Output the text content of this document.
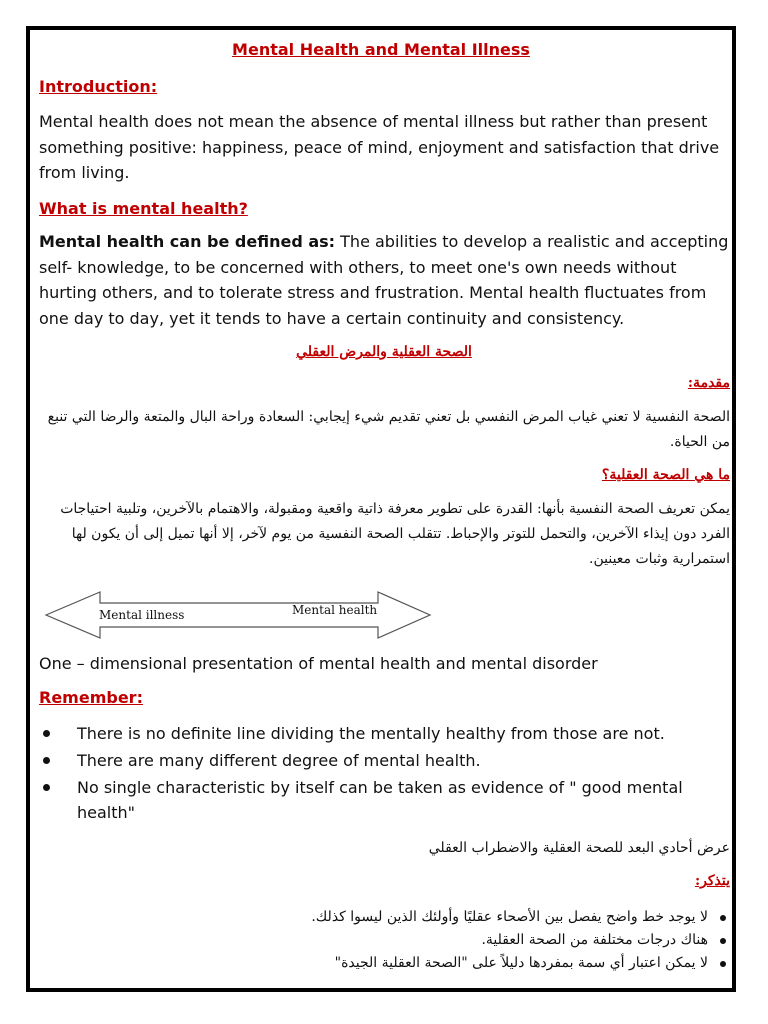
Mental Health and Mental Illness
Introduction:

Mental health does not mean the absence of mental illness but rather than present something positive: happiness, peace of mind, enjoyment and satisfaction that drive from living.

What is mental health?

Mental health can be defined as: The abilities to develop a realistic and accepting self- knowledge, to be concerned with others, to meet one's own needs without hurting others, and to tolerate stress and frustration. Mental health fluctuates from one day to day, yet it tends to have a certain continuity and consistency.

الصحة العقلية والمرض العقلي
مقدمة:

الصحة النفسية لا تعني غياب المرض النفسي بل تعني تقديم شيء إيجابي: السعادة وراحة البال والمتعة والرضا التي تنبع من الحياة.

ما هي الصحة العقلية؟

يمكن تعريف الصحة النفسية بأنها: القدرة على تطوير معرفة ذاتية واقعية ومقبولة، والاهتمام بالآخرين، وتلبية احتياجات الفرد دون إيذاء الآخرين، والتحمل للتوتر والإحباط. تتقلب الصحة النفسية من يوم لآخر، إلا أنها تميل إلى أن يكون لها استمرارية وثبات معينين.

Mental illness	Mental health

One – dimensional presentation of mental health and mental disorder

Remember:
There is no definite line dividing the mentally healthy from those are not.
There are many different degree of mental health.
No single characteristic by itself can be taken as evidence of " good mental health"

عرض أحادي البعد للصحة العقلية والاضطراب العقلي

يتذكر:
لا يوجد خط واضح يفصل بين الأصحاء عقليًا وأولئك الذين ليسوا كذلك.
هناك درجات مختلفة من الصحة العقلية.
لا يمكن اعتبار أي سمة بمفردها دليلاً على "الصحة العقلية الجيدة"
